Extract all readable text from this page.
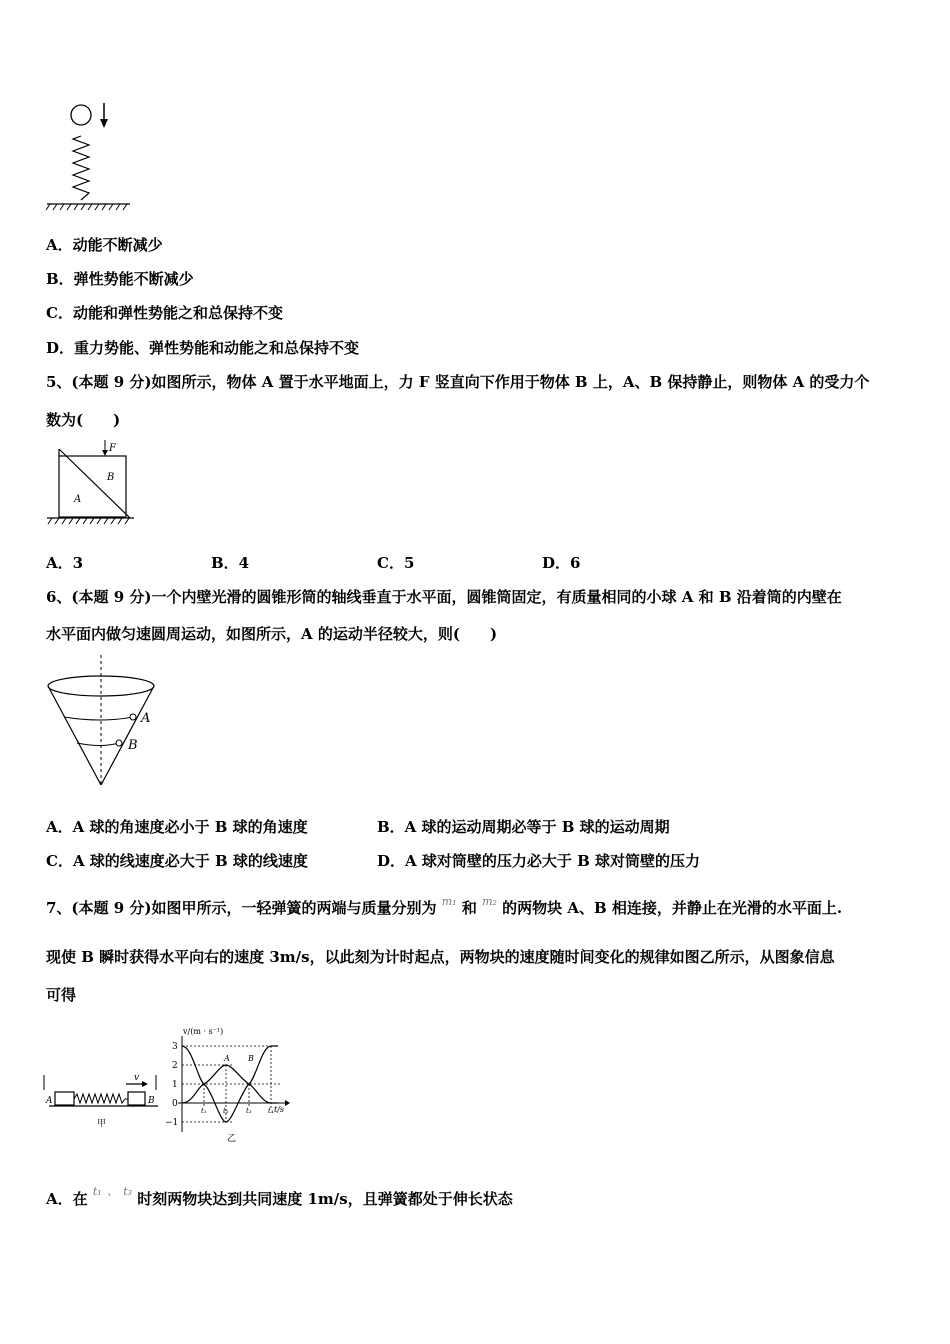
A．动能不断减少
B．弹性势能不断减少
C．动能和弹性势能之和总保持不变
D．重力势能、弹性势能和动能之和总保持不变
5、(本题 9 分)如图所示，物体 A 置于水平地面上，力 F 竖直向下作用于物体 B 上，A、B 保持静止，则物体 A 的受力个
数为(　　)
F
B
A
A．3	B．4	C．5	D．6
6、(本题 9 分)一个内壁光滑的圆锥形筒的轴线垂直于水平面，圆锥筒固定，有质量相同的小球 A 和 B 沿着筒的内壁在
水平面内做匀速圆周运动，如图所示，A 的运动半径较大，则(　　)
A
B
A．A 球的角速度必小于 B 球的角速度	B．A 球的运动周期必等于 B 球的运动周期
C．A 球的线速度必大于 B 球的线速度	D．A 球对筒壁的压力必大于 B 球对筒壁的压力
7、(本题 9 分)如图甲所示，一轻弹簧的两端与质量分别为 $^{m_1}$ 和 $^{m_2}$ 的两物块 A、B 相连接，并静止在光滑的水平面上.
现使 B 瞬时获得水平向右的速度 3m/s，以此刻为计时起点，两物块的速度随时间变化的规律如图乙所示，从图象信息
可得
v
A	B
甲
v/(m · s⁻¹)
3
2
1
0
−1
t₁ t₂ t₃ t₄ t/s
A B
乙
A．在 $^{t_1}$ 、 $^{t_3}$ 时刻两物块达到共同速度 1m/s，且弹簧都处于伸长状态
